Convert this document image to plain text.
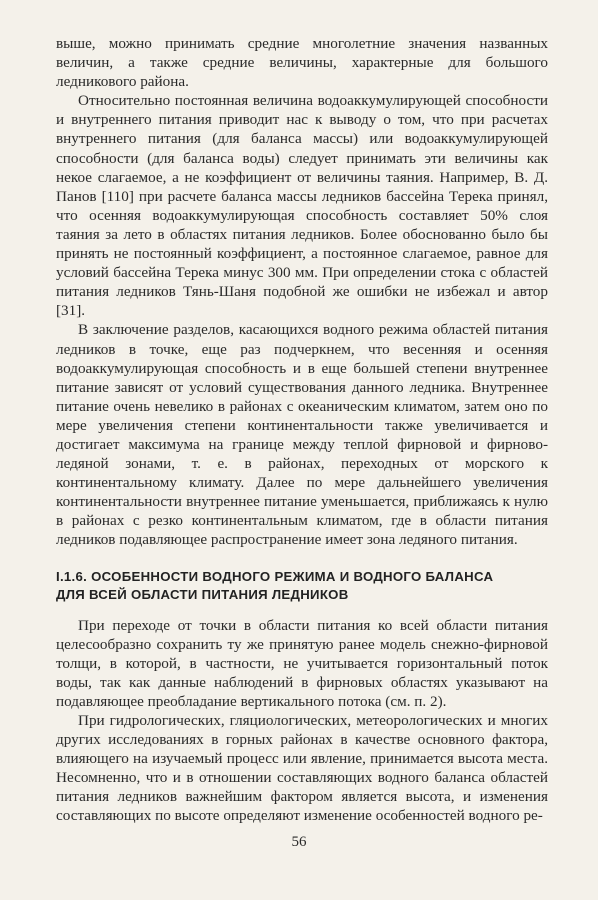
выше, можно принимать средние многолетние значения названных величин, а также средние величины, характерные для большого ледникового района.

Относительно постоянная величина водоаккумулирующей способности и внутреннего питания приводит нас к выводу о том, что при расчетах внутреннего питания (для баланса массы) или водоаккумулирующей способности (для баланса воды) следует принимать эти величины как некое слагаемое, а не коэффициент от величины таяния. Например, В. Д. Панов [110] при расчете баланса массы ледников бассейна Терека принял, что осенняя водоаккумулирующая способность составляет 50% слоя таяния за лето в областях питания ледников. Более обоснованно было бы принять не постоянный коэффициент, а постоянное слагаемое, равное для условий бассейна Терека минус 300 мм. При определении стока с областей питания ледников Тянь-Шаня подобной же ошибки не избежал и автор [31].

В заключение разделов, касающихся водного режима областей питания ледников в точке, еще раз подчеркнем, что весенняя и осенняя водоаккумулирующая способность и в еще большей степени внутреннее питание зависят от условий существования данного ледника. Внутреннее питание очень невелико в районах с океаническим климатом, затем оно по мере увеличения степени континентальности также увеличивается и достигает максимума на границе между теплой фирновой и фирново-ледяной зонами, т. е. в районах, переходных от морского к континентальному климату. Далее по мере дальнейшего увеличения континентальности внутреннее питание уменьшается, приближаясь к нулю в районах с резко континентальным климатом, где в области питания ледников подавляющее распространение имеет зона ледяного питания.

I.1.6. ОСОБЕННОСТИ ВОДНОГО РЕЖИМА И ВОДНОГО БАЛАНСА
ДЛЯ ВСЕЙ ОБЛАСТИ ПИТАНИЯ ЛЕДНИКОВ

При переходе от точки в области питания ко всей области питания целесообразно сохранить ту же принятую ранее модель снежно-фирновой толщи, в которой, в частности, не учитывается горизонтальный поток воды, так как данные наблюдений в фирновых областях указывают на подавляющее преобладание вертикального потока (см. п. 2).

При гидрологических, гляциологических, метеорологических и многих других исследованиях в горных районах в качестве основного фактора, влияющего на изучаемый процесс или явление, принимается высота места. Несомненно, что и в отношении составляющих водного баланса областей питания ледников важнейшим фактором является высота, и изменения составляющих по высоте определяют изменение особенностей водного ре-

56
